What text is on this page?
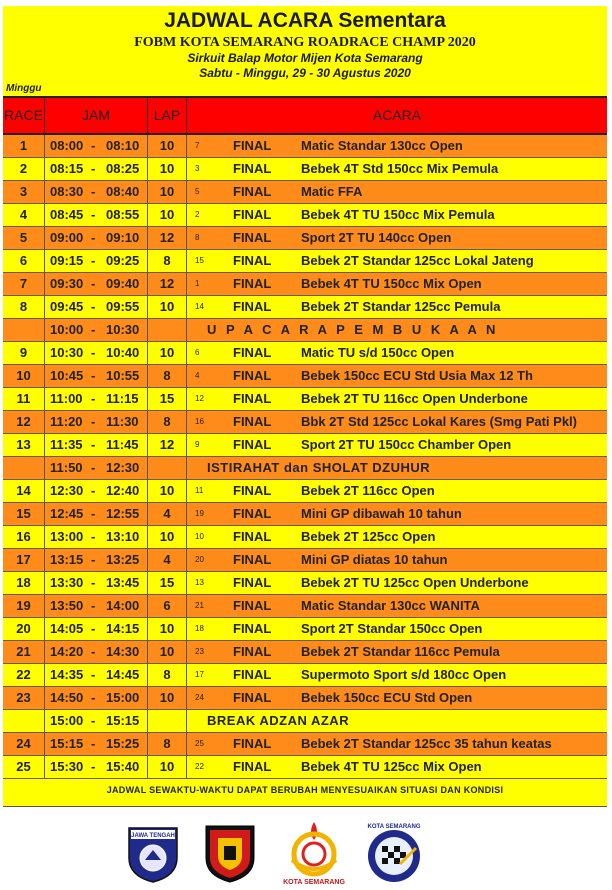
JADWAL ACARA Sementara
FOBM KOTA SEMARANG ROADRACE CHAMP 2020
Sirkuit Balap Motor Mijen Kota Semarang
Sabtu - Minggu, 29 - 30 Agustus 2020
Minggu
RACE	JAM	LAP	ACARA
1	08:00 - 08:10	10	7	FINAL Matic Standar 130cc Open
2	08:15 - 08:25	10	3	FINAL Bebek 4T Std 150cc Mix Pemula
3	08:30 - 08:40	10	5	FINAL Matic FFA
4	08:45 - 08:55	10	2	FINAL Bebek 4T TU 150cc Mix Pemula
5	09:00 - 09:10	12	8	FINAL Sport 2T TU 140cc Open
6	09:15 - 09:25	8	15 FINAL Bebek 2T Standar 125cc Lokal Jateng
7	09:30 - 09:40	12	1	FINAL Bebek 4T TU 150cc Mix Open
8	09:45 - 09:55	10	14 FINAL Bebek 2T Standar 125cc Pemula
10:00 - 10:30	U P A C A R A P E M B U K A A N
9	10:30 - 10:40	10	6	FINAL Matic TU s/d 150cc Open
10	10:45 - 10:55	8	4	FINAL Bebek 150cc ECU Std Usia Max 12 Th
11	11:00 - 11:15	15	12 FINAL Bebek 2T TU 116cc Open Underbone
12	11:20 - 11:30	8	16 FINAL Bbk 2T Std 125cc Lokal Kares (Smg Pati Pkl)
13	11:35 - 11:45	12	9	FINAL Sport 2T TU 150cc Chamber Open
11:50 - 12:30	ISTIRAHAT dan SHOLAT DZUHUR
14	12:30 - 12:40	10	11 FINAL Bebek 2T 116cc Open
15	12:45 - 12:55	4	19 FINAL Mini GP dibawah 10 tahun
16	13:00 - 13:10	10	10 FINAL Bebek 2T 125cc Open
17	13:15 - 13:25	4	20 FINAL Mini GP diatas 10 tahun
18	13:30 - 13:45	15	13 FINAL Bebek 2T TU 125cc Open Underbone
19	13:50 - 14:00	6	21 FINAL Matic Standar 130cc WANITA
20	14:05 - 14:15	10	18 FINAL Sport 2T Standar 150cc Open
21	14:20 - 14:30	10	23 FINAL Bebek 2T Standar 116cc Pemula
22	14:35 - 14:45	8	17 FINAL Supermoto Sport s/d 180cc Open
23	14:50 - 15:00	10	24 FINAL Bebek 150cc ECU Std Open
15:00 - 15:15	BREAK ADZAN AZAR
24	15:15 - 15:25	8	25 FINAL Bebek 2T Standar 125cc 35 tahun keatas
25	15:30 - 15:40	10	22 FINAL Bebek 4T TU 125cc Mix Open
JADWAL SEWAKTU-WAKTU DAPAT BERUBAH MENYESUAIKAN SITUASI DAN KONDISI
JAWA TENGAH
KOTA SEMARANG
KOTA SEMARANG
